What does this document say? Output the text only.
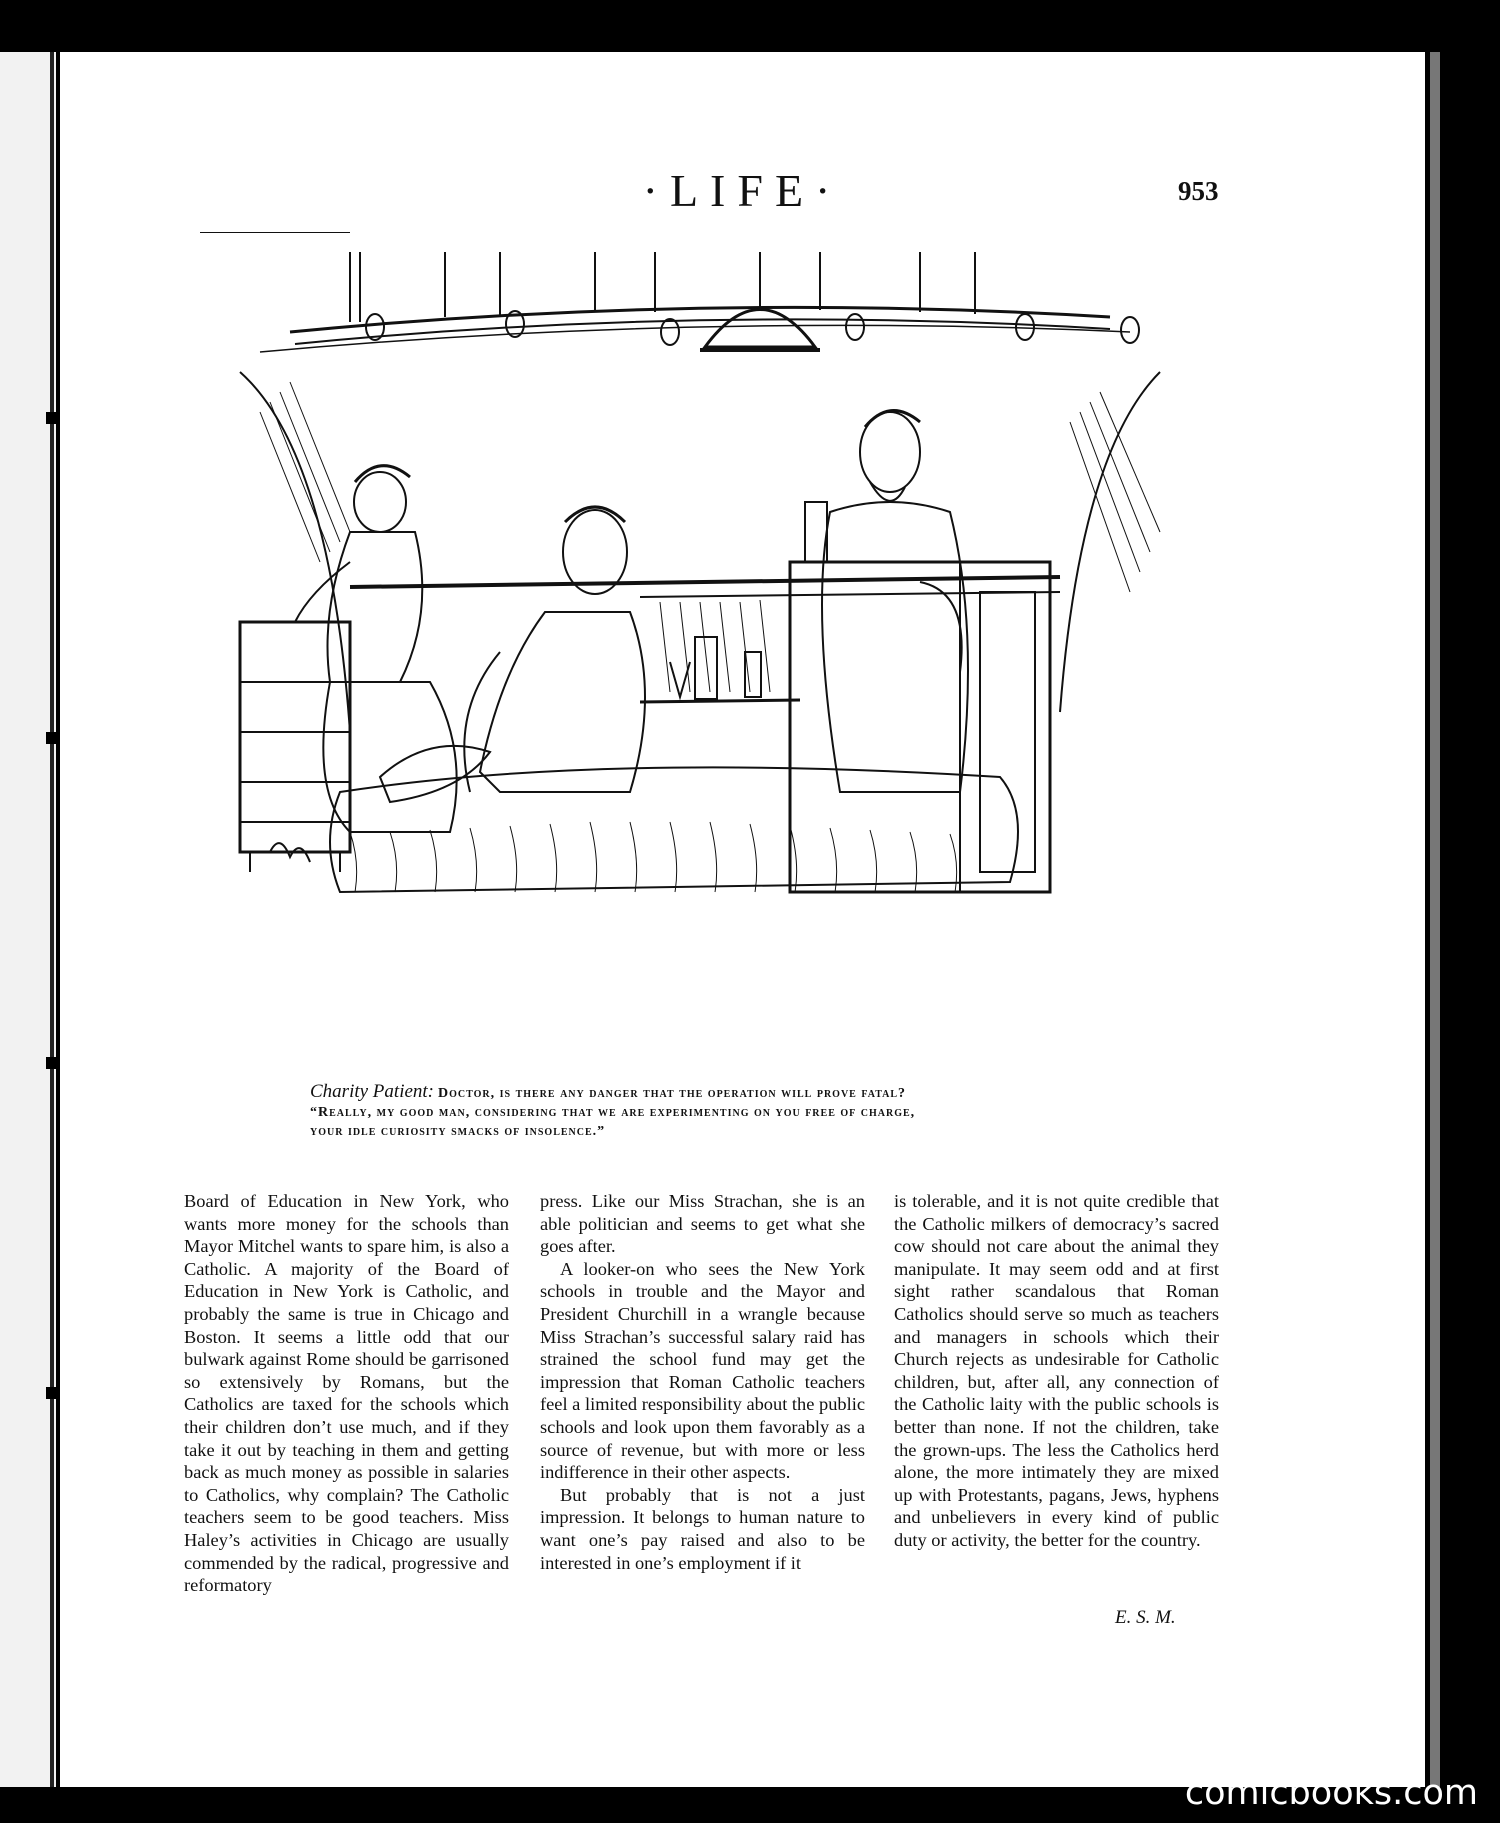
·LIFE·	953
Charity Patient: Doctor, is there any danger that the operation will prove fatal?
“Really, my good man, considering that we are experimenting on you free of charge,
your idle curiosity smacks of insolence.”

Board of Education in New York, who wants more money for the schools than Mayor Mitchel wants to spare him, is also a Catholic. A majority of the Board of Education in New York is Catholic, and probably the same is true in Chicago and Boston. It seems a little odd that our bulwark against Rome should be garrisoned so extensively by Romans, but the Catholics are taxed for the schools which their children don’t use much, and if they take it out by teaching in them and getting back as much money as possible in salaries to Catholics, why complain? The Catholic teachers seem to be good teachers. Miss Haley’s activities in Chicago are usually commended by the radical, progressive and reformatory

press. Like our Miss Strachan, she is an able politician and seems to get what she goes after.

A looker-on who sees the New York schools in trouble and the Mayor and President Churchill in a wrangle because Miss Strachan’s successful salary raid has strained the school fund may get the impression that Roman Catholic teachers feel a limited responsibility about the public schools and look upon them favorably as a source of revenue, but with more or less indifference in their other aspects.

But probably that is not a just impression. It belongs to human nature to want one’s pay raised and also to be interested in one’s employment if it

is tolerable, and it is not quite credible that the Catholic milkers of democracy’s sacred cow should not care about the animal they manipulate. It may seem odd and at first sight rather scandalous that Roman Catholics should serve so much as teachers and managers in schools which their Church rejects as undesirable for Catholic children, but, after all, any connection of the Catholic laity with the public schools is better than none. If not the children, take the grown-ups. The less the Catholics herd alone, the more intimately they are mixed up with Protestants, pagans, Jews, hyphens and unbelievers in every kind of public duty or activity, the better for the country.

E. S. M.
comicbooks.com
